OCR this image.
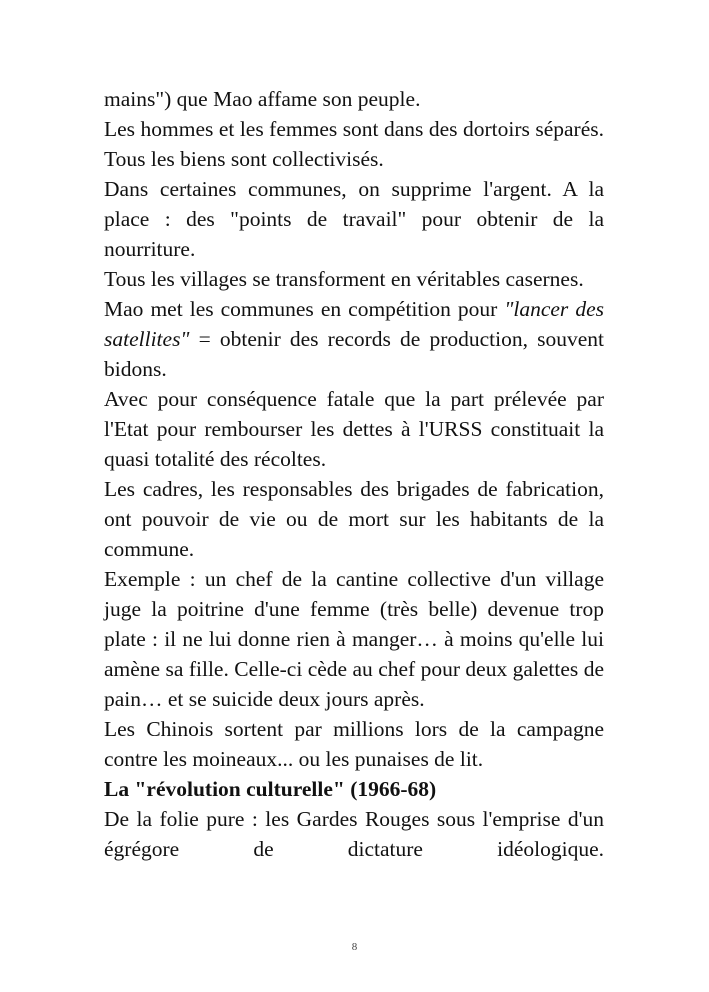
mains") que Mao affame son peuple.

Les hommes et les femmes sont dans des dortoirs séparés. Tous les biens sont collectivisés.

Dans certaines communes, on supprime l'argent. A la place : des "points de travail" pour obtenir de la nourriture.

Tous les villages se transforment en véritables casernes.

Mao met les communes en compétition pour "lancer des satellites" = obtenir des records de production, souvent bidons.

Avec pour conséquence fatale que la part prélevée par l'Etat pour rembourser les dettes à l'URSS constituait la quasi totalité des récoltes.

Les cadres, les responsables des brigades de fabrication, ont pouvoir de vie ou de mort sur les habitants de la commune.

Exemple : un chef de la cantine collective d'un village juge la poitrine d'une femme (très belle) devenue trop plate : il ne lui donne rien à manger… à moins qu'elle lui amène sa fille. Celle-ci cède au chef pour deux galettes de pain… et se suicide deux jours après.

Les Chinois sortent par millions lors de la campagne contre les moineaux... ou les punaises de lit.

La "révolution culturelle" (1966-68)

De la folie pure : les Gardes Rouges sous l'emprise d'un égrégore de dictature idéologique.

8
